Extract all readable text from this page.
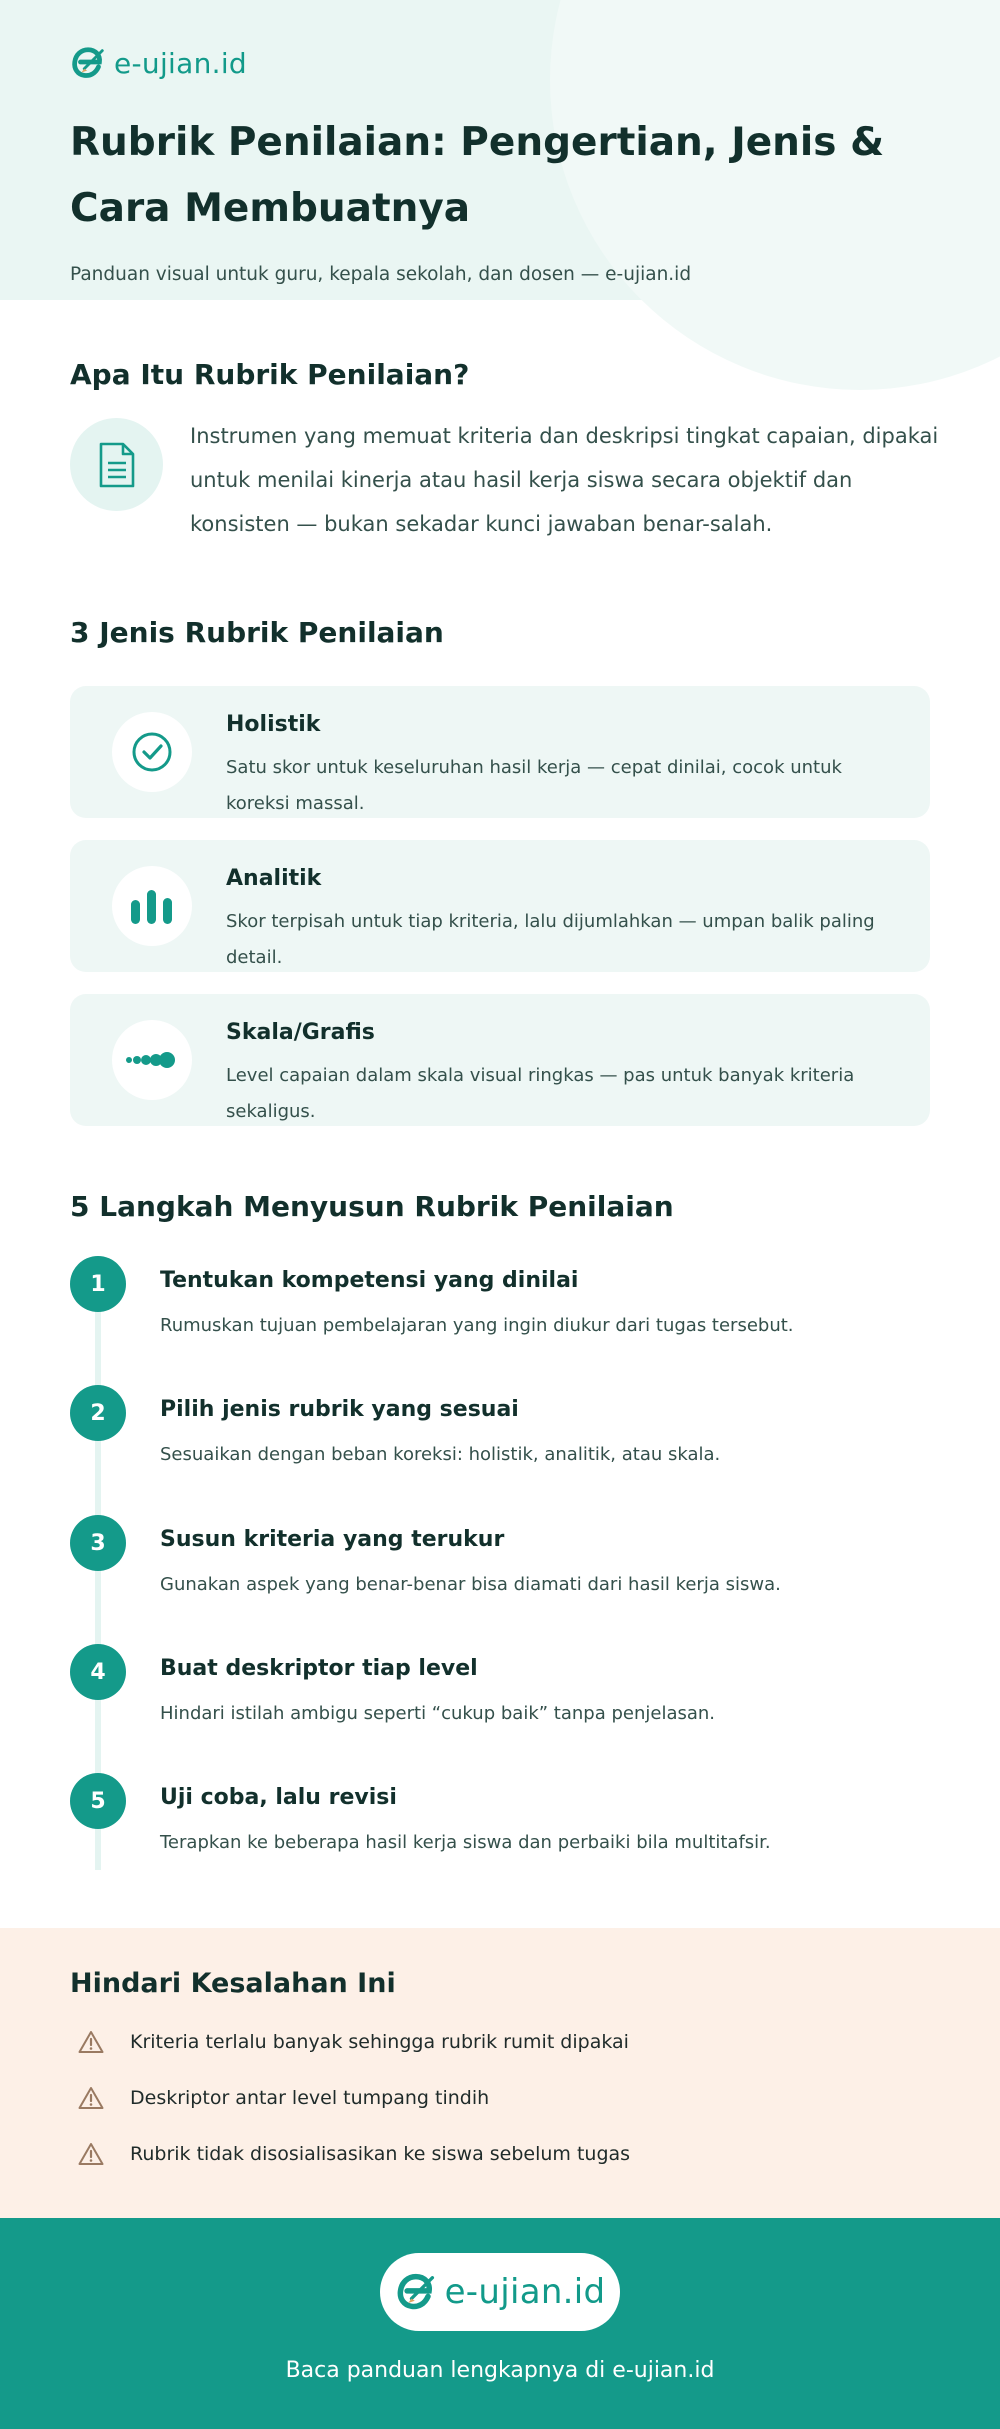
e-ujian.id
Rubrik Penilaian: Pengertian, Jenis & Cara Membuatnya

Panduan visual untuk guru, kepala sekolah, dan dosen — e-ujian.id

Apa Itu Rubrik Penilaian?

Instrumen yang memuat kriteria dan deskripsi tingkat capaian, dipakai untuk menilai kinerja atau hasil kerja siswa secara objektif dan konsisten — bukan sekadar kunci jawaban benar-salah.

3 Jenis Rubrik Penilaian
Holistik
Satu skor untuk keseluruhan hasil kerja — cepat dinilai, cocok untuk koreksi massal.
Analitik
Skor terpisah untuk tiap kriteria, lalu dijumlahkan — umpan balik paling detail.
Skala/Grafis
Level capaian dalam skala visual ringkas — pas untuk banyak kriteria sekaligus.
5 Langkah Menyusun Rubrik Penilaian
1	Tentukan kompetensi yang dinilai
Rumuskan tujuan pembelajaran yang ingin diukur dari tugas tersebut.
2	Pilih jenis rubrik yang sesuai
Sesuaikan dengan beban koreksi: holistik, analitik, atau skala.
3	Susun kriteria yang terukur
Gunakan aspek yang benar-benar bisa diamati dari hasil kerja siswa.
4	Buat deskriptor tiap level
Hindari istilah ambigu seperti “cukup baik” tanpa penjelasan.
5	Uji coba, lalu revisi
Terapkan ke beberapa hasil kerja siswa dan perbaiki bila multitafsir.
Hindari Kesalahan Ini
Kriteria terlalu banyak sehingga rubrik rumit dipakai
Deskriptor antar level tumpang tindih
Rubrik tidak disosialisasikan ke siswa sebelum tugas
e-ujian.id
Baca panduan lengkapnya di e-ujian.id
